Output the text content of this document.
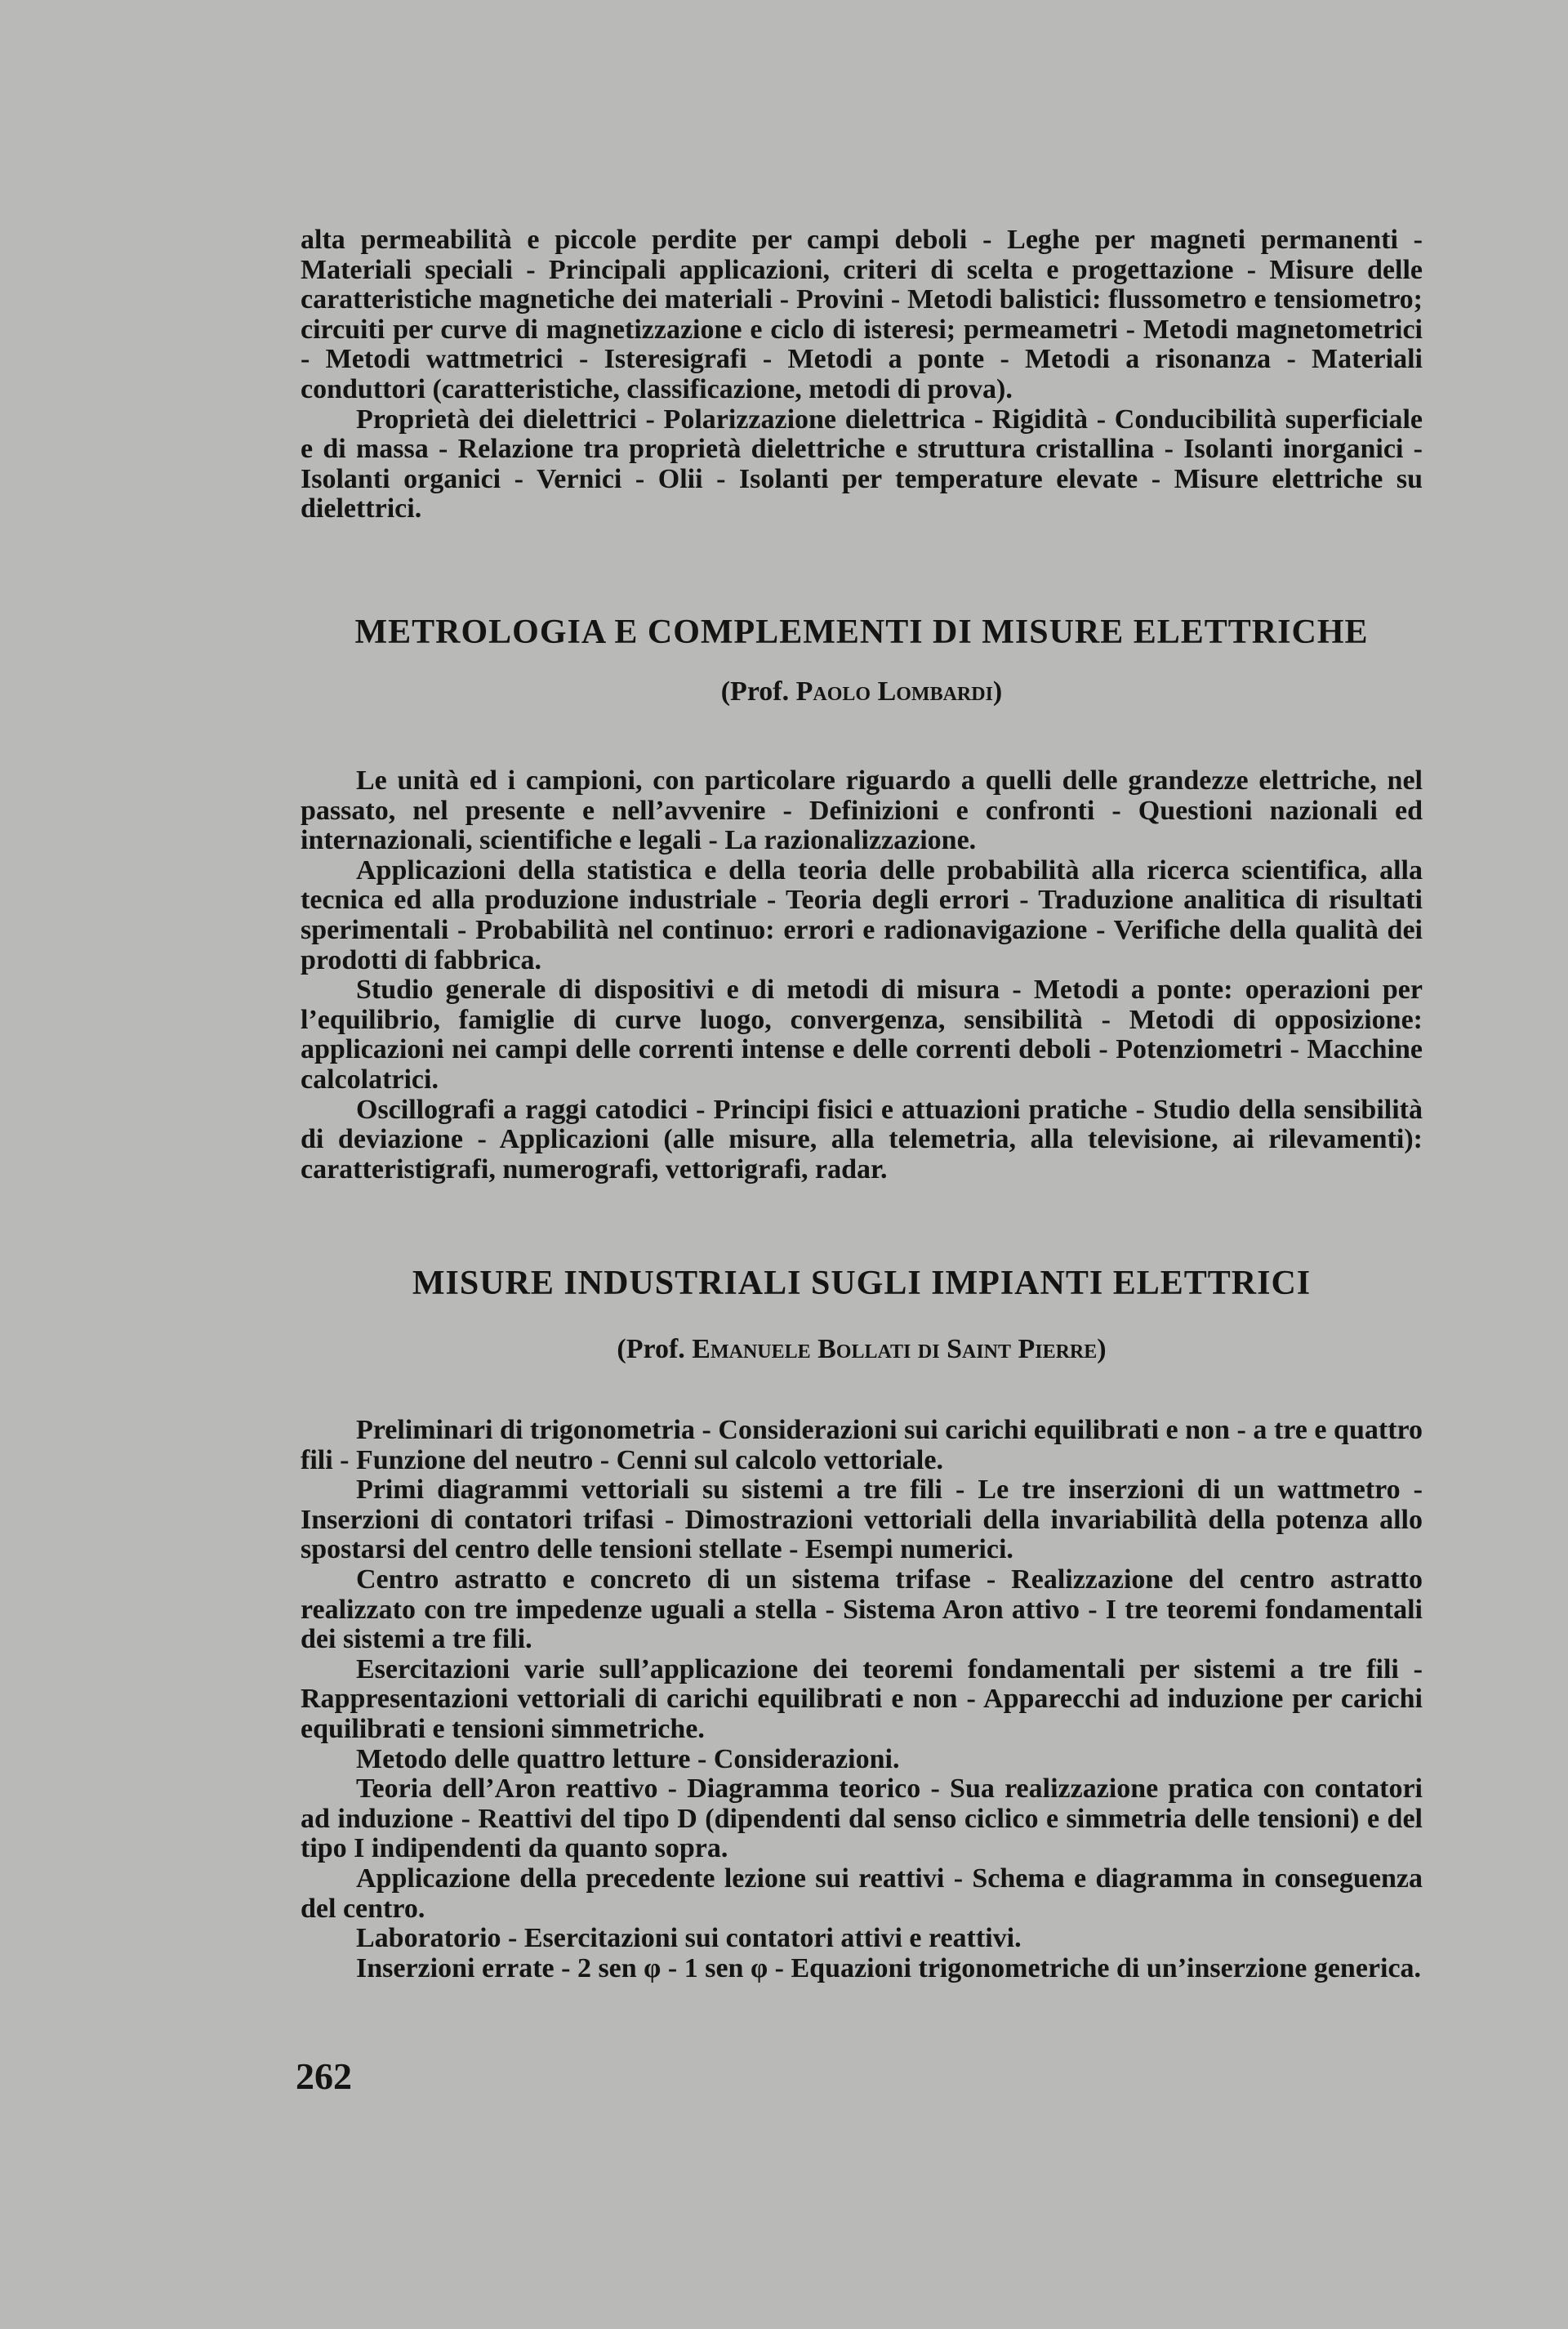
alta permeabilità e piccole perdite per campi deboli - Leghe per magneti permanenti - Materiali speciali - Principali applicazioni, criteri di scelta e progettazione - Misure delle caratteristiche magnetiche dei materiali - Provini - Metodi balistici: flussometro e tensiometro; circuiti per curve di magnetizzazione e ciclo di isteresi; permeametri - Metodi magnetometrici - Metodi wattmetrici - Isteresigrafi - Metodi a ponte - Metodi a risonanza - Materiali conduttori (caratteristiche, classificazione, metodi di prova).

Proprietà dei dielettrici - Polarizzazione dielettrica - Rigidità - Conducibilità superficiale e di massa - Relazione tra proprietà dielettriche e struttura cristallina - Isolanti inorganici - Isolanti organici - Vernici - Olii - Isolanti per temperature elevate - Misure elettriche su dielettrici.

METROLOGIA E COMPLEMENTI DI MISURE ELETTRICHE

(Prof. Paolo Lombardi)

Le unità ed i campioni, con particolare riguardo a quelli delle grandezze elettriche, nel passato, nel presente e nell’avvenire - Definizioni e confronti - Questioni nazionali ed internazionali, scientifiche e legali - La razionalizzazione.

Applicazioni della statistica e della teoria delle probabilità alla ricerca scientifica, alla tecnica ed alla produzione industriale - Teoria degli errori - Traduzione analitica di risultati sperimentali - Probabilità nel continuo: errori e radionavigazione - Verifiche della qualità dei prodotti di fabbrica.

Studio generale di dispositivi e di metodi di misura - Metodi a ponte: operazioni per l’equilibrio, famiglie di curve luogo, convergenza, sensibilità - Metodi di opposizione: applicazioni nei campi delle correnti intense e delle correnti deboli - Potenziometri - Macchine calcolatrici.

Oscillografi a raggi catodici - Principi fisici e attuazioni pratiche - Studio della sensibilità di deviazione - Applicazioni (alle misure, alla telemetria, alla televisione, ai rilevamenti): caratteristigrafi, numerografi, vettorigrafi, radar.

MISURE INDUSTRIALI SUGLI IMPIANTI ELETTRICI

(Prof. Emanuele Bollati di Saint Pierre)

Preliminari di trigonometria - Considerazioni sui carichi equilibrati e non - a tre e quattro fili - Funzione del neutro - Cenni sul calcolo vettoriale.

Primi diagrammi vettoriali su sistemi a tre fili - Le tre inserzioni di un wattmetro - Inserzioni di contatori trifasi - Dimostrazioni vettoriali della invariabilità della potenza allo spostarsi del centro delle tensioni stellate - Esempi numerici.

Centro astratto e concreto di un sistema trifase - Realizzazione del centro astratto realizzato con tre impedenze uguali a stella - Sistema Aron attivo - I tre teoremi fondamentali dei sistemi a tre fili.

Esercitazioni varie sull’applicazione dei teoremi fondamentali per sistemi a tre fili - Rappresentazioni vettoriali di carichi equilibrati e non - Apparecchi ad induzione per carichi equilibrati e tensioni simmetriche.

Metodo delle quattro letture - Considerazioni.

Teoria dell’Aron reattivo - Diagramma teorico - Sua realizzazione pratica con contatori ad induzione - Reattivi del tipo D (dipendenti dal senso ciclico e simmetria delle tensioni) e del tipo I indipendenti da quanto sopra.

Applicazione della precedente lezione sui reattivi - Schema e diagramma in conseguenza del centro.

Laboratorio - Esercitazioni sui contatori attivi e reattivi.

Inserzioni errate - 2 sen φ - 1 sen φ - Equazioni trigonometriche di un’inserzione generica.

262
